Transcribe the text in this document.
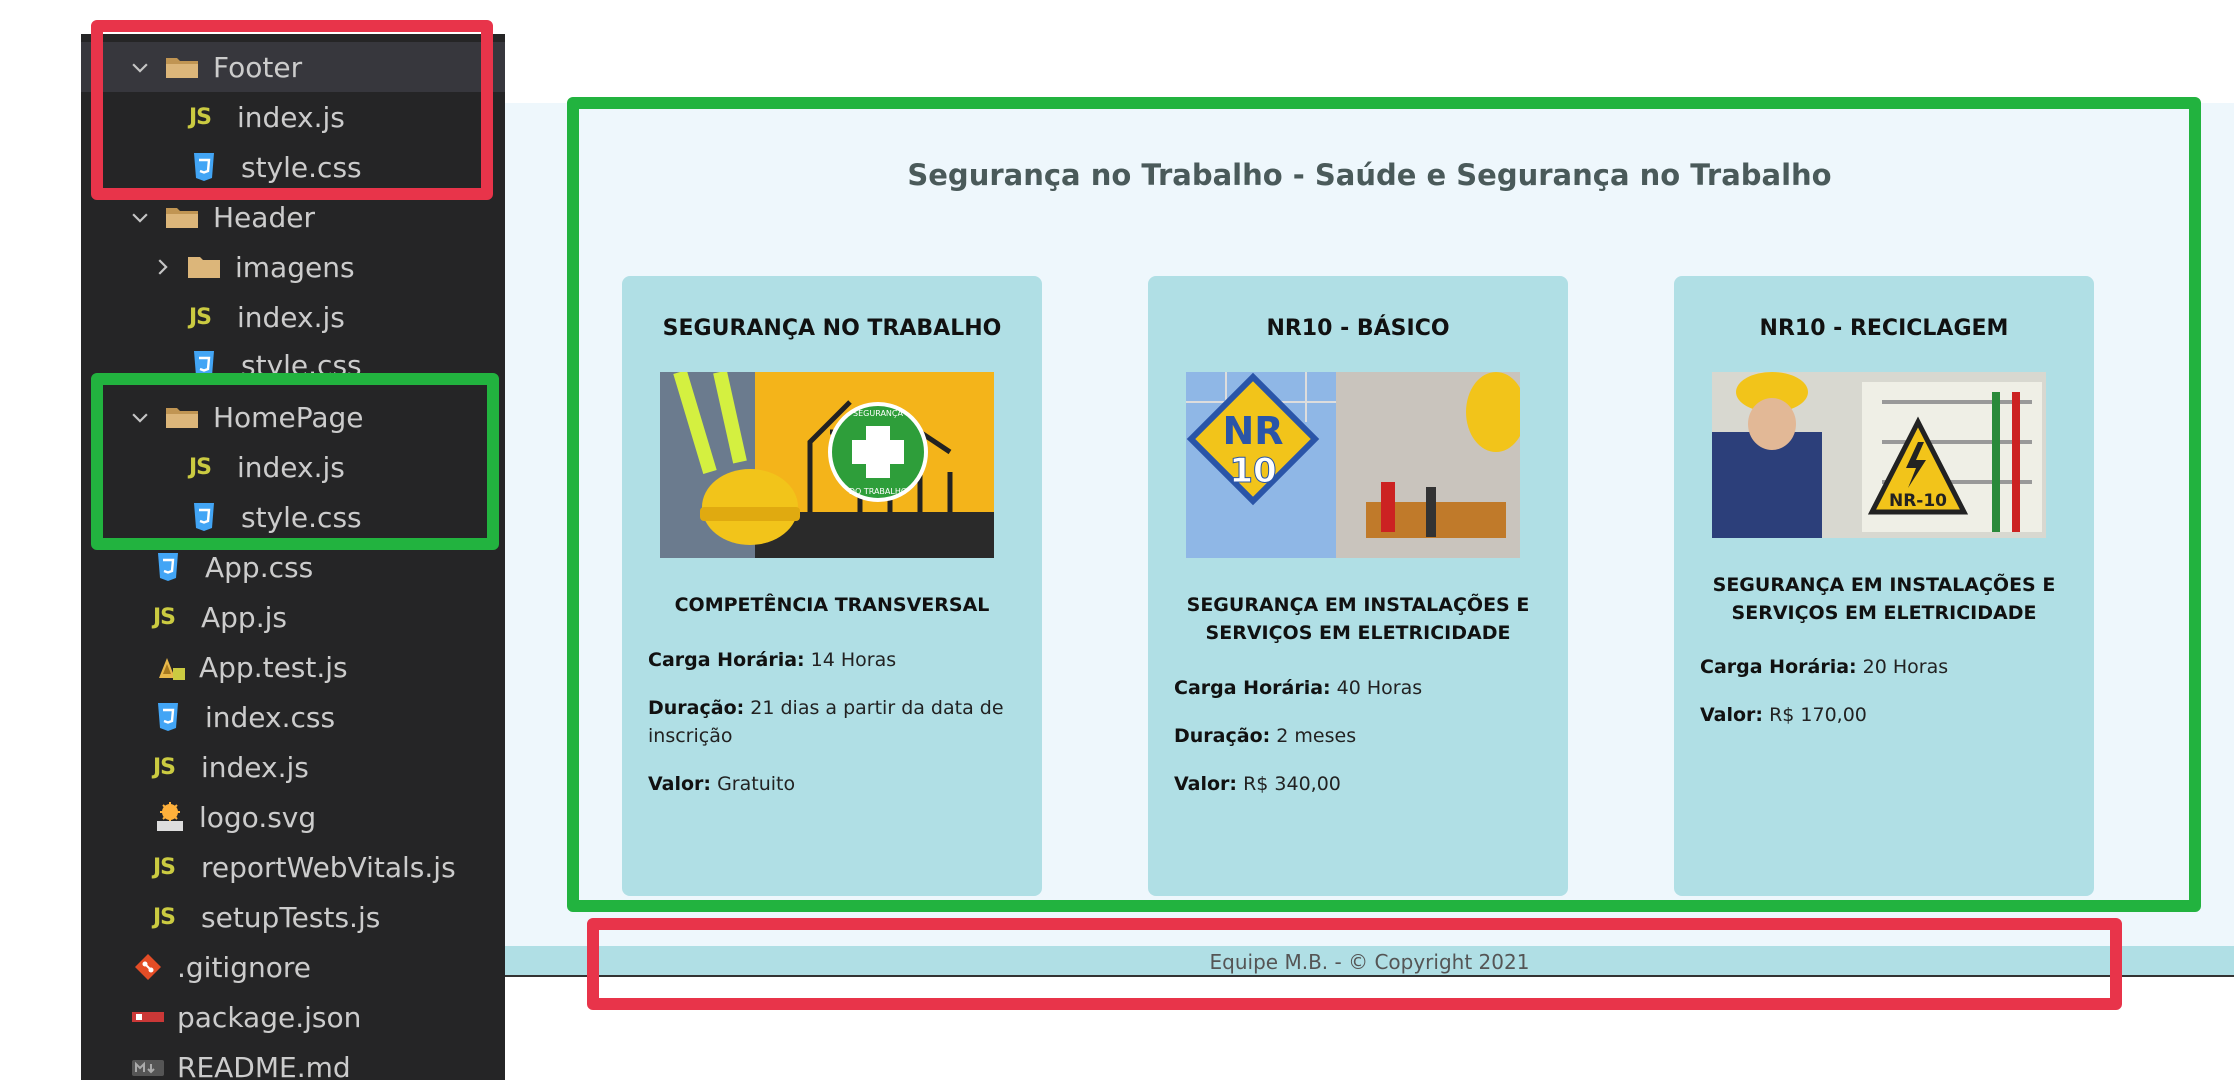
Footer
JS index.js
style.css
Header
imagens
JS index.js
style.css
HomePage
JS index.js
style.css
App.css
JS App.js
App.test.js
index.css
JS index.js
logo.svg
JS reportWebVitals.js
JS setupTests.js
.gitignore
package.json
README.md
Segurança no Trabalho - Saúde e Segurança no Trabalho
SEGURANÇA NO TRABALHO
SEGURANÇA
DO TRABALHO
COMPETÊNCIA TRANSVERSAL
Carga Horária: 14 Horas
Duração: 21 dias a partir da data de inscrição
Valor: Gratuito
NR10 - BÁSICO
NR
10
SEGURANÇA EM INSTALAÇÕES E SERVIÇOS EM ELETRICIDADE
Carga Horária: 40 Horas
Duração: 2 meses
Valor: R$ 340,00
NR10 - RECICLAGEM
NR-10
SEGURANÇA EM INSTALAÇÕES E SERVIÇOS EM ELETRICIDADE
Carga Horária: 20 Horas
Valor: R$ 170,00
Equipe M.B. - © Copyright 2021
